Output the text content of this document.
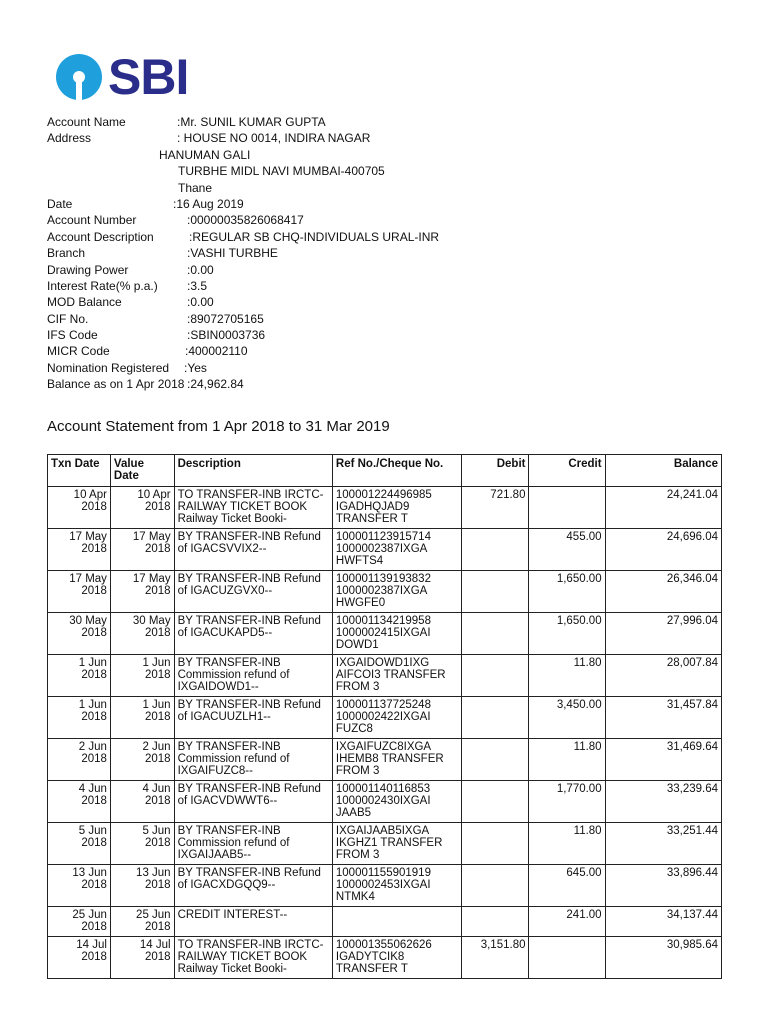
SBI
Account Name	:Mr. SUNIL KUMAR GUPTA
Address	: HOUSE NO 0014, INDIRA NAGAR
HANUMAN GALI
TURBHE MIDL NAVI MUMBAI-400705
Thane
Date	:16 Aug 2019
Account Number	:00000035826068417
Account Description	:REGULAR SB CHQ-INDIVIDUALS URAL-INR
Branch	:VASHI TURBHE
Drawing Power	:0.00
Interest Rate(% p.a.) :3.5
MOD Balance	:0.00
CIF No.	:89072705165
IFS Code	:SBIN0003736
MICR Code	:400002110
Nomination Registered :Yes
Balance as on 1 Apr 2018 :24,962.84
Account Statement from 1 Apr 2018 to 31 Mar 2019
Txn Date	Value Date	Description	Ref No./Cheque No.	Debit	Credit	Balance
10 Apr 2018	10 Apr 2018	TO TRANSFER-INB IRCTC-RAILWAY TICKET BOOK Railway Ticket Booki-	100001224496985 IGADHQJAD9 TRANSFER T	721.80		24,241.04
17 May 2018	17 May 2018	BY TRANSFER-INB Refund of IGACSVVIX2--	100001123915714 1000002387IXGA HWFTS4		455.00	24,696.04
17 May 2018	17 May 2018	BY TRANSFER-INB Refund of IGACUZGVX0--	100001139193832 1000002387IXGA HWGFE0		1,650.00	26,346.04
30 May 2018	30 May 2018	BY TRANSFER-INB Refund of IGACUKAPD5--	100001134219958 1000002415IXGAI DOWD1		1,650.00	27,996.04
1 Jun 2018	1 Jun 2018	BY TRANSFER-INB Commission refund of IXGAIDOWD1--	IXGAIDOWD1IXG AIFCOI3 TRANSFER FROM 3		11.80	28,007.84
1 Jun 2018	1 Jun 2018	BY TRANSFER-INB Refund of IGACUUZLH1--	100001137725248 1000002422IXGAI FUZC8		3,450.00	31,457.84
2 Jun 2018	2 Jun 2018	BY TRANSFER-INB Commission refund of IXGAIFUZC8--	IXGAIFUZC8IXGA IHEMB8 TRANSFER FROM 3		11.80	31,469.64
4 Jun 2018	4 Jun 2018	BY TRANSFER-INB Refund of IGACVDWWT6--	100001140116853 1000002430IXGAI JAAB5		1,770.00	33,239.64
5 Jun 2018	5 Jun 2018	BY TRANSFER-INB Commission refund of IXGAIJAAB5--	IXGAIJAAB5IXGA IKGHZ1 TRANSFER FROM 3		11.80	33,251.44
13 Jun 2018	13 Jun 2018	BY TRANSFER-INB Refund of IGACXDGQQ9--	100001155901919 1000002453IXGAI NTMK4		645.00	33,896.44
25 Jun 2018	25 Jun 2018	CREDIT INTEREST--			241.00	34,137.44
14 Jul 2018	14 Jul 2018	TO TRANSFER-INB IRCTC-RAILWAY TICKET BOOK Railway Ticket Booki-	100001355062626 IGADYTCIK8 TRANSFER T	3,151.80		30,985.64
